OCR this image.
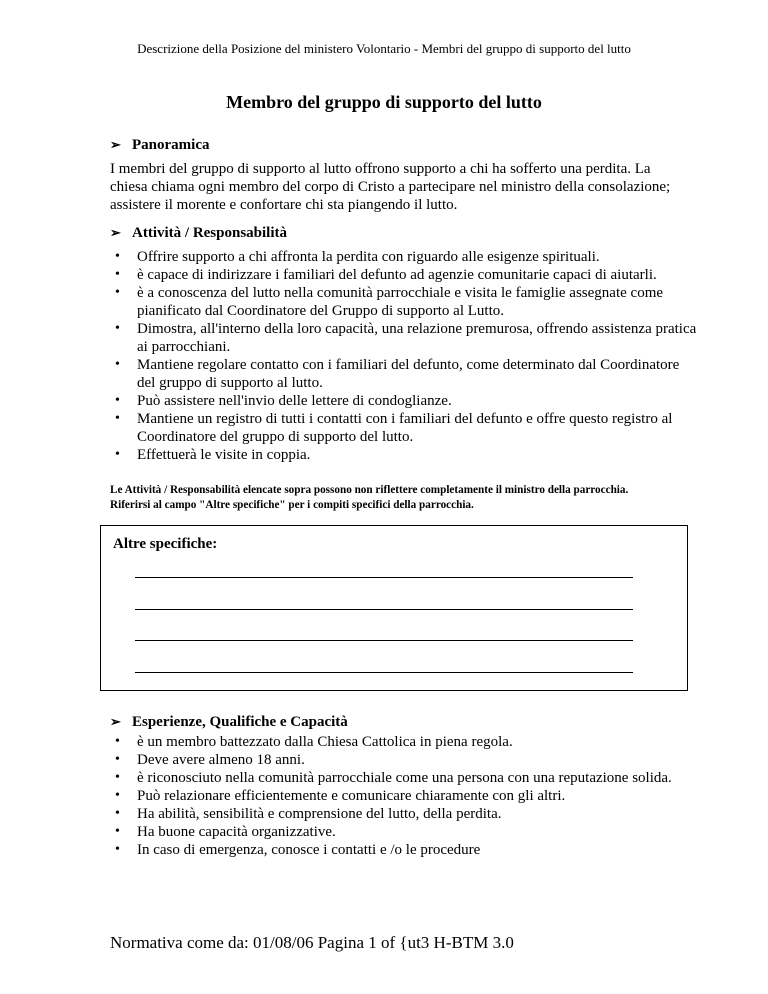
Descrizione della Posizione del ministero Volontario - Membri del gruppo di supporto del lutto
Membro del gruppo di supporto del lutto
➢ Panoramica
I membri del gruppo di supporto al lutto offrono supporto a chi ha sofferto una perdita. La chiesa chiama ogni membro del corpo di Cristo a partecipare nel ministro della consolazione; assistere il morente e confortare chi sta piangendo il lutto.
➢ Attività / Responsabilità
• Offrire supporto a chi affronta la perdita con riguardo alle esigenze spirituali.
• è capace di indirizzare i familiari del defunto ad agenzie comunitarie capaci di aiutarli.
• è a conoscenza del lutto nella comunità parrocchiale e visita le famiglie assegnate come pianificato dal Coordinatore del Gruppo di supporto al Lutto.
• Dimostra, all'interno della loro capacità, una relazione premurosa, offrendo assistenza pratica ai parrocchiani.
• Mantiene regolare contatto con i familiari del defunto, come determinato dal Coordinatore del gruppo di supporto al lutto.
• Può assistere nell'invio delle lettere di condoglianze.
• Mantiene un registro di tutti i contatti con i familiari del defunto e offre questo registro al Coordinatore del gruppo di supporto del lutto.
• Effettuerà le visite in coppia.
Le Attività / Responsabilità elencate sopra possono non riflettere completamente il ministro della parrocchia. Riferirsi al campo "Altre specifiche" per i compiti specifici della parrocchia.
Altre specifiche:
➢ Esperienze, Qualifiche e Capacità
• è un membro battezzato dalla Chiesa Cattolica in piena regola.
• Deve avere almeno 18 anni.
• è riconosciuto nella comunità parrocchiale come una persona con una reputazione solida.
• Può relazionare efficientemente e comunicare chiaramente con gli altri.
• Ha abilità, sensibilità e comprensione del lutto, della perdita.
• Ha buone capacità organizzative.
• In caso di emergenza, conosce i contatti e /o le procedure
Normativa come da: 01/08/06 Pagina 1 of {ut3 H-BTM 3.0
